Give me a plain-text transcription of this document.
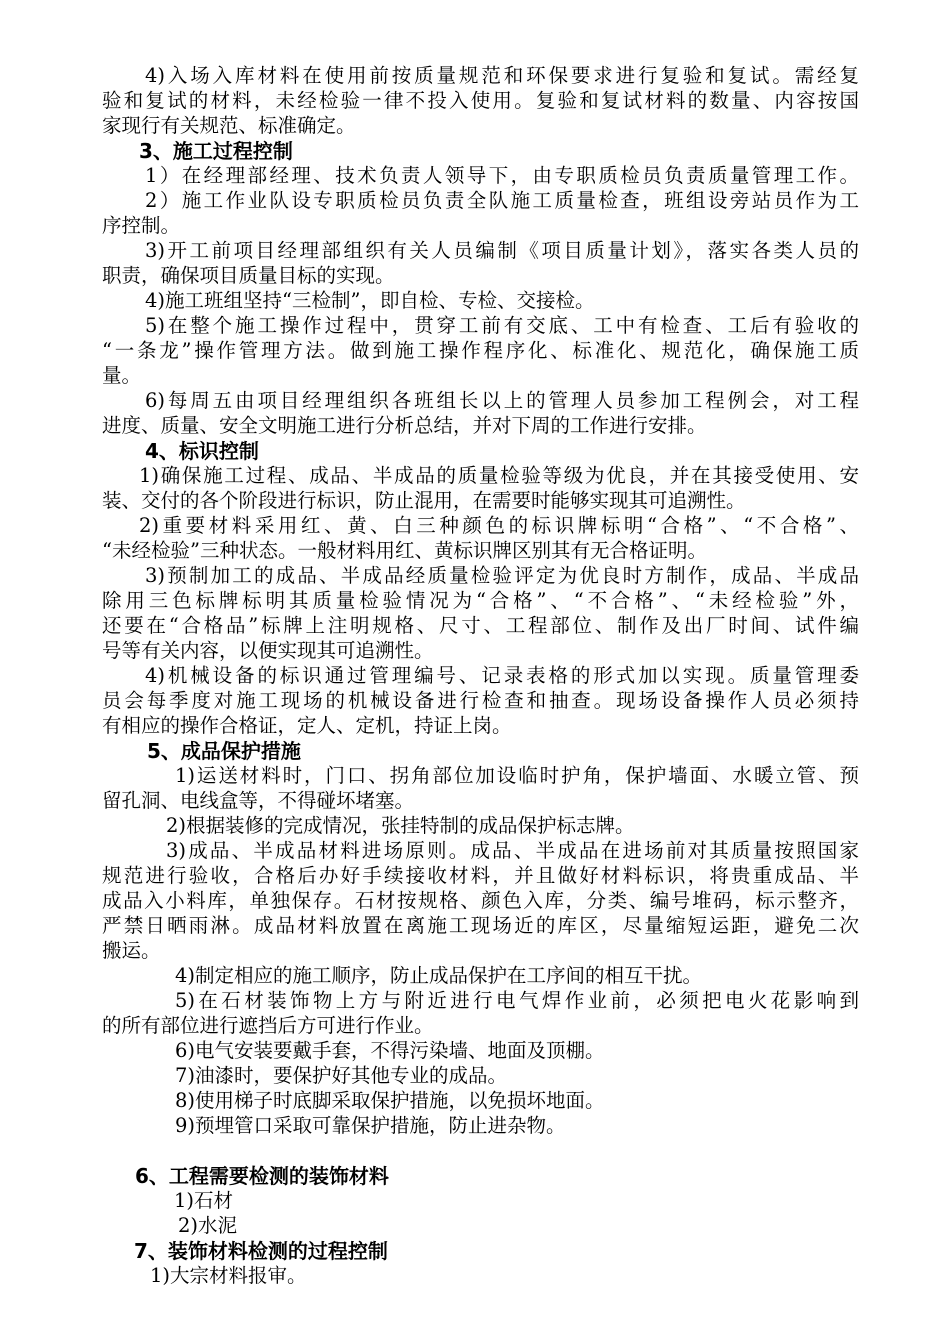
4)入场入库材料在使用前按质量规范和环保要求进行复验和复试。需经复
验和复试的材料，未经检验一律不投入使用。复验和复试材料的数量、内容按国
家现行有关规范、标准确定。
3、施工过程控制
1）在经理部经理、技术负责人领导下，由专职质检员负责质量管理工作。
2）施工作业队设专职质检员负责全队施工质量检查，班组设旁站员作为工
序控制。
3)开工前项目经理部组织有关人员编制《项目质量计划》，落实各类人员的
职责，确保项目质量目标的实现。
4)施工班组坚持“三检制”，即自检、专检、交接检。
5)在整个施工操作过程中，贯穿工前有交底、工中有检查、工后有验收的
“一条龙”操作管理方法。做到施工操作程序化、标准化、规范化，确保施工质
量。
6)每周五由项目经理组织各班组长以上的管理人员参加工程例会，对工程
进度、质量、安全文明施工进行分析总结，并对下周的工作进行安排。
4、标识控制
1)确保施工过程、成品、半成品的质量检验等级为优良，并在其接受使用、安
装、交付的各个阶段进行标识，防止混用，在需要时能够实现其可追溯性。
2)重要材料采用红、黄、白三种颜色的标识牌标明“合格”、“不合格”、
“未经检验”三种状态。一般材料用红、黄标识牌区别其有无合格证明。
3)预制加工的成品、半成品经质量检验评定为优良时方制作，成品、半成品
除用三色标牌标明其质量检验情况为“合格”、“不合格”、“未经检验”外，
还要在“合格品”标牌上注明规格、尺寸、工程部位、制作及出厂时间、试件编
号等有关内容，以便实现其可追溯性。
4)机械设备的标识通过管理编号、记录表格的形式加以实现。质量管理委
员会每季度对施工现场的机械设备进行检查和抽查。现场设备操作人员必须持
有相应的操作合格证，定人、定机，持证上岗。
5、成品保护措施
1)运送材料时，门口、拐角部位加设临时护角，保护墙面、水暖立管、预
留孔洞、电线盒等，不得碰坏堵塞。
2)根据装修的完成情况，张挂特制的成品保护标志牌。
3)成品、半成品材料进场原则。成品、半成品在进场前对其质量按照国家
规范进行验收，合格后办好手续接收材料，并且做好材料标识，将贵重成品、半
成品入小料库，单独保存。石材按规格、颜色入库，分类、编号堆码，标示整齐，
严禁日晒雨淋。成品材料放置在离施工现场近的库区，尽量缩短运距，避免二次
搬运。
4)制定相应的施工顺序，防止成品保护在工序间的相互干扰。
5)在石材装饰物上方与附近进行电气焊作业前，必须把电火花影响到
的所有部位进行遮挡后方可进行作业。
6)电气安装要戴手套，不得污染墙、地面及顶棚。
7)油漆时，要保护好其他专业的成品。
8)使用梯子时底脚采取保护措施，以免损坏地面。
9)预埋管口采取可靠保护措施，防止进杂物。
6、工程需要检测的装饰材料
1)石材
2)水泥
7、装饰材料检测的过程控制
1)大宗材料报审。
